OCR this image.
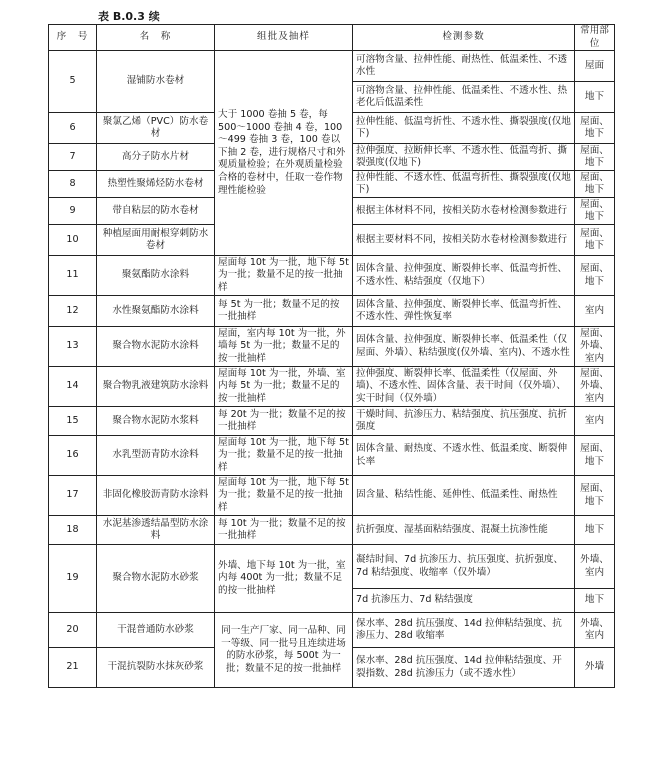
表 B.0.3 续
序　号	名　称	组批及抽样	检测参数	常用部位
5	湿铺防水卷材	大于 1000 卷抽 5 卷，每 500～1000 卷抽 4 卷，100～499 卷抽 3 卷，100 卷以下抽 2 卷，进行规格尺寸和外观质量检验；在外观质量检验合格的卷材中，任取一卷作物理性能检验	可溶物含量、拉伸性能、耐热性、低温柔性、不透水性	屋面
			可溶物含量、拉伸性能、低温柔性、不透水性、热老化后低温柔性	地下
6	聚氯乙烯（PVC）防水卷材		拉伸性能、低温弯折性、不透水性、撕裂强度(仅地下)	屋面、地下
7	高分子防水片材		拉伸强度、拉断伸长率、不透水性、低温弯折、撕裂强度(仅地下)	屋面、地下
8	热塑性聚烯烃防水卷材		拉伸性能、不透水性、低温弯折性、撕裂强度(仅地下)	屋面、地下
9	带自粘层的防水卷材		根据主体材料不同，按相关防水卷材检测参数进行	屋面、地下
10	种植屋面用耐根穿刺防水卷材		根据主要材料不同，按相关防水卷材检测参数进行	屋面、地下

11	聚氨酯防水涂料	屋面每 10t 为一批，地下每 5t 为一批；数量不足的按一批抽样	固体含量、拉伸强度、断裂伸长率、低温弯折性、不透水性、粘结强度（仅地下）	屋面、地下
12	水性聚氨酯防水涂料	每 5t 为一批；数量不足的按一批抽样	固体含量、拉伸强度、断裂伸长率、低温弯折性、不透水性、弹性恢复率	室内
13	聚合物水泥防水涂料	屋面，室内每 10t 为一批，外墙每 5t 为一批；数量不足的按一批抽样	固体含量、拉伸强度、断裂伸长率、低温柔性（仅屋面、外墙）、粘结强度(仅外墙、室内)、不透水性	屋面、外墙、室内
14	聚合物乳液建筑防水涂料	屋面每 10t 为一批，外墙、室内每 5t 为一批；数量不足的按一批抽样	拉伸强度、断裂伸长率、低温柔性（仅屋面、外墙)、不透水性、固体含量、表干时间（仅外墙）、实干时间（仅外墙）	屋面、外墙、室内
15	聚合物水泥防水浆料	每 20t 为一批；数量不足的按一批抽样	干燥时间、抗渗压力、粘结强度、抗压强度、抗折强度	室内
16	水乳型沥青防水涂料	屋面每 10t 为一批，地下每 5t 为一批；数量不足的按一批抽样	固体含量、耐热度、不透水性、低温柔度、断裂伸长率	屋面、地下
17	非固化橡胶沥青防水涂料	屋面每 10t 为一批，地下每 5t 为一批；数量不足的按一批抽样	固含量、粘结性能、延伸性、低温柔性、耐热性	屋面、地下
18	水泥基渗透结晶型防水涂料	每 10t 为一批；数量不足的按一批抽样	抗折强度、湿基面粘结强度、混凝土抗渗性能	地下
19	聚合物水泥防水砂浆	外墙、地下每 10t 为一批，室内每 400t 为一批；数量不足的按一批抽样	凝结时间、7d 抗渗压力、抗压强度、抗折强度、7d 粘结强度、收缩率（仅外墙）	外墙、室内
			7d 抗渗压力、7d 粘结强度	地下
20	干混普通防水砂浆	同一生产厂家、同一品种、同一等级、同一批号且连续进场的防水砂浆，每 500t 为一批；数量不足的按一批抽样	保水率、28d 抗压强度、14d 拉伸粘结强度、抗渗压力、28d 收缩率	外墙、室内
21	干混抗裂防水抹灰砂浆		保水率、28d 抗压强度、14d 拉伸粘结强度、开裂指数、28d 抗渗压力（或不透水性）	外墙
